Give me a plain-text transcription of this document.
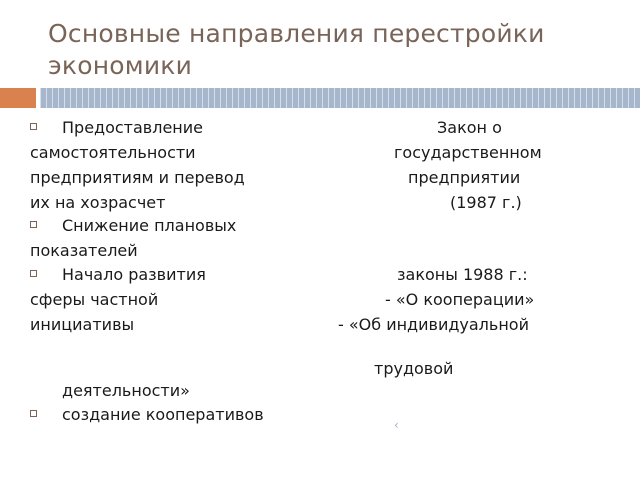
Основные направления перестройки
экономики
Предоставление
самостоятельности
предприятиям и перевод
их на хозрасчет
Снижение плановых
показателей
Начало развития
сферы частной
инициативы
деятельности»
создание кооперативов
Закон о
государственном
предприятии
(1987 г.)
законы 1988 г.:
- «О кооперации»
- «Об индивидуальной
трудовой
‹
